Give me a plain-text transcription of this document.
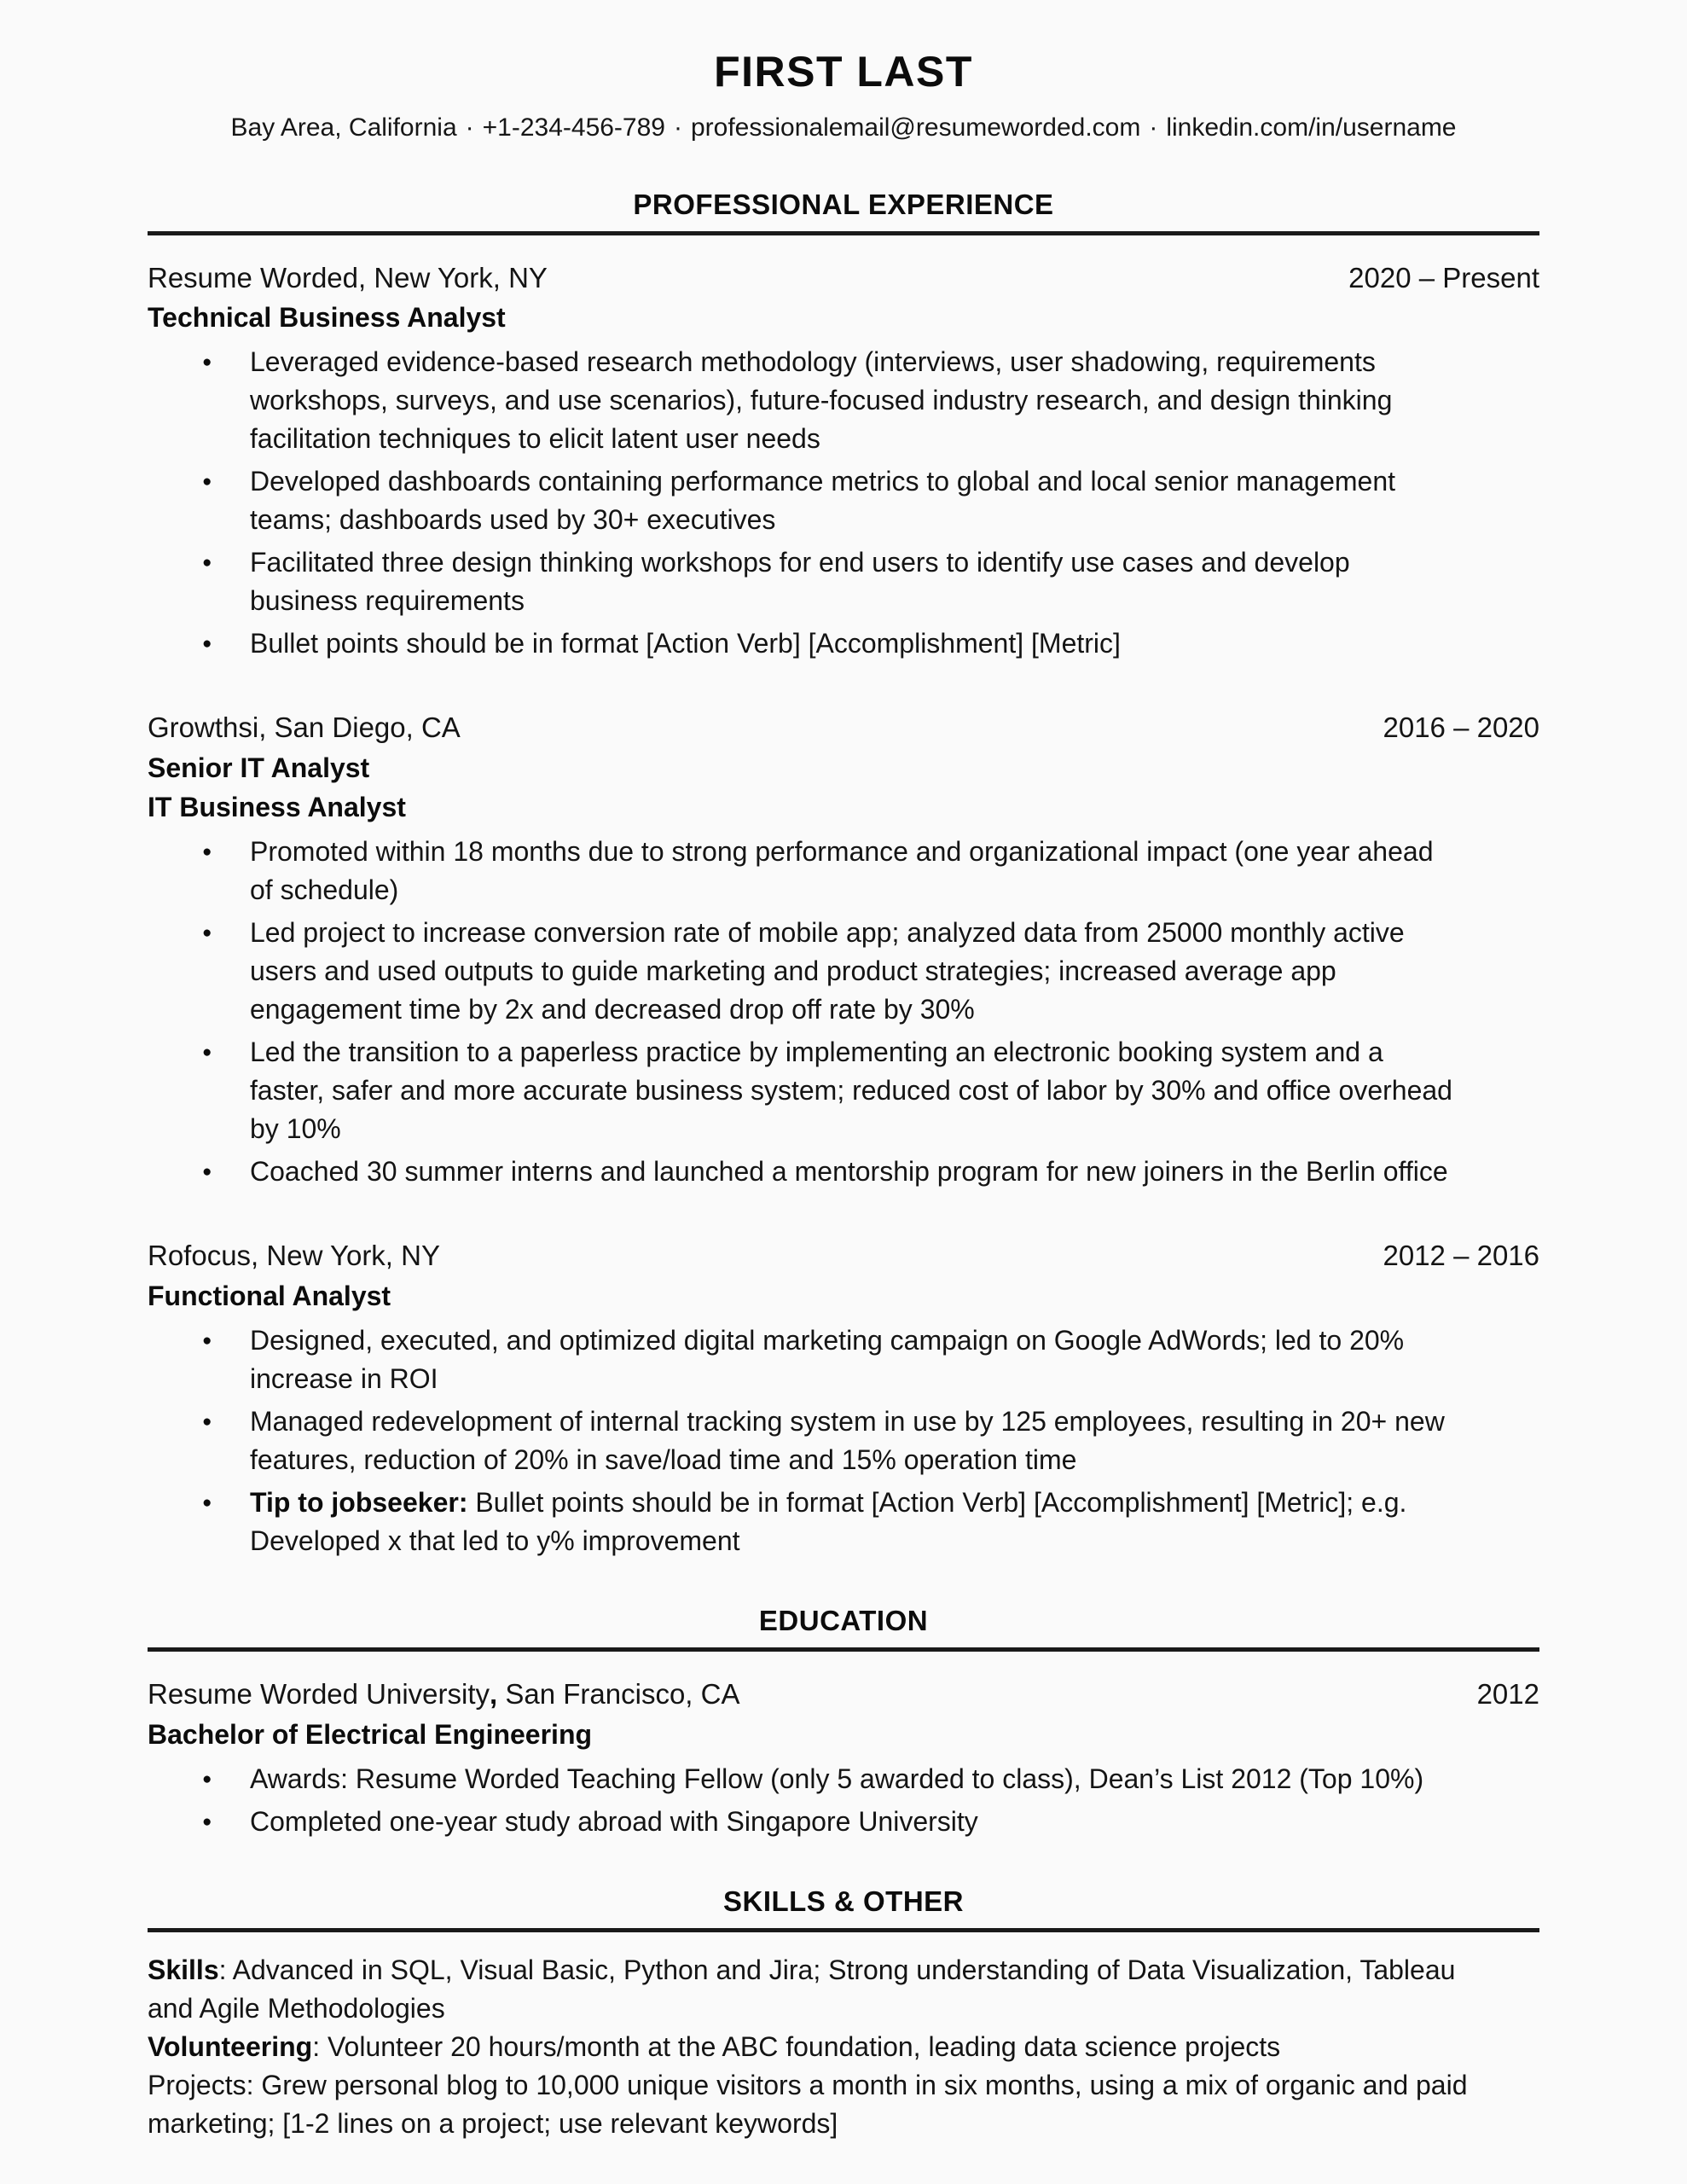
FIRST LAST
Bay Area, California · +1-234-456-789 · professionalemail@resumeworded.com · linkedin.com/in/username
PROFESSIONAL EXPERIENCE
Resume Worded, New York, NY	2020 – Present
Technical Business Analyst
● Leveraged evidence-based research methodology (interviews, user shadowing, requirements workshops, surveys, and use scenarios), future-focused industry research, and design thinking facilitation techniques to elicit latent user needs
● Developed dashboards containing performance metrics to global and local senior management teams; dashboards used by 30+ executives
● Facilitated three design thinking workshops for end users to identify use cases and develop business requirements
● Bullet points should be in format [Action Verb] [Accomplishment] [Metric]
Growthsi, San Diego, CA	2016 – 2020
Senior IT Analyst
IT Business Analyst
● Promoted within 18 months due to strong performance and organizational impact (one year ahead of schedule)
● Led project to increase conversion rate of mobile app; analyzed data from 25000 monthly active users and used outputs to guide marketing and product strategies; increased average app engagement time by 2x and decreased drop off rate by 30%
● Led the transition to a paperless practice by implementing an electronic booking system and a faster, safer and more accurate business system; reduced cost of labor by 30% and office overhead by 10%
● Coached 30 summer interns and launched a mentorship program for new joiners in the Berlin office
Rofocus, New York, NY	2012 – 2016
Functional Analyst
● Designed, executed, and optimized digital marketing campaign on Google AdWords; led to 20% increase in ROI
● Managed redevelopment of internal tracking system in use by 125 employees, resulting in 20+ new features, reduction of 20% in save/load time and 15% operation time
● Tip to jobseeker: Bullet points should be in format [Action Verb] [Accomplishment] [Metric]; e.g. Developed x that led to y% improvement
EDUCATION
Resume Worded University, San Francisco, CA	2012
Bachelor of Electrical Engineering
● Awards: Resume Worded Teaching Fellow (only 5 awarded to class), Dean’s List 2012 (Top 10%)
● Completed one-year study abroad with Singapore University
SKILLS & OTHER

Skills: Advanced in SQL, Visual Basic, Python and Jira; Strong understanding of Data Visualization, Tableau and Agile Methodologies

Volunteering: Volunteer 20 hours/month at the ABC foundation, leading data science projects

Projects: Grew personal blog to 10,000 unique visitors a month in six months, using a mix of organic and paid marketing; [1-2 lines on a project; use relevant keywords]
